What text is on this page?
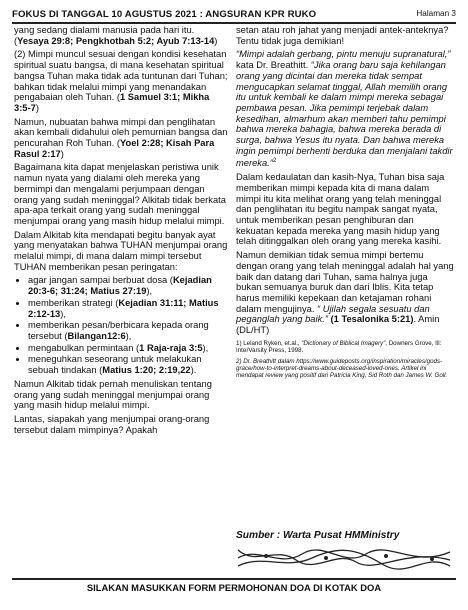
FOKUS DI TANGGAL 10 AGUSTUS 2021 : ANGSURAN KPR RUKO	Halaman 3

yang sedang dialami manusia pada hari itu. (Yesaya 29:8; Pengkhotbah 5:2; Ayub 7:13-14)

(2) Mimpi muncul sesuai dengan kondisi kesehatan spiritual suatu bangsa, di mana kesehatan spiritual bangsa Tuhan maka tidak ada tuntunan dari Tuhan; bahkan tidak melalui mimpi yang menandakan pengabaian oleh Tuhan. (1 Samuel 3:1; Mikha 3:5-7)

Namun, nubuatan bahwa mimpi dan penglihatan akan kembali didahului oleh pemurnian bangsa dan pencurahan Roh Tuhan. (Yoel 2:28; Kisah Para Rasul 2:17)

Bagaimana kita dapat menjelaskan peristiwa unik namun nyata yang dialami oleh mereka yang bermimpi dan mengalami perjumpaan dengan orang yang sudah meninggal? Alkitab tidak berkata apa-apa terkait orang yang sudah meninggal menjumpai orang yang masih hidup melalui mimpi.

Dalam Alkitab kita mendapati begitu banyak ayat yang menyatakan bahwa TUHAN menjumpai orang melalui mimpi, di mana dalam mimpi tersebut TUHAN memberikan pesan peringatan:

• agar jangan sampai berbuat dosa (Kejadian 20:3-6; 31:24; Matius 27:19),
• memberikan strategi (Kejadian 31:11; Matius 2:12-13),
• memberikan pesan/berbicara kepada orang tersebut (Bilangan12:6),
• mengabulkan permintaan (1 Raja-raja 3:5),
• meneguhkan seseorang untuk melakukan sebuah tindakan (Matius 1:20; 2:19,22).

Namun Alkitab tidak pernah menuliskan tentang orang yang sudah meninggal menjumpai orang yang masih hidup melalui mimpi.

Lantas, siapakah yang menjumpai orang-orang tersebut dalam mimpinya? Apakah

setan atau roh jahat yang menjadi antek-anteknya? Tentu tidak juga demikian!

“Mimpi adalah gerbang, pintu menuju supranatural,” kata Dr. Breathitt. “Jika orang baru saja kehilangan orang yang dicintai dan mereka tidak sempat mengucapkan selamat tinggal, Allah memilih orang itu untuk kembali ke dalam mimpi mereka sebagai pembawa pesan. Jika pemimpi terjebak dalam kesedihan, almarhum akan memberi tahu pemimpi bahwa mereka bahagia, bahwa mereka berada di surga, bahwa Yesus itu nyata. Dan bahwa mereka ingin pemimpi berhenti berduka dan menjalani takdir mereka.”$^2$

Dalam kedaulatan dan kasih-Nya, Tuhan bisa saja memberikan mimpi kepada kita di mana dalam mimpi itu kita melihat orang yang telah meninggal dan penglihatan itu begitu nampak sangat nyata, untuk memberikan pesan penghiburan dan kekuatan kepada mereka yang masih hidup yang telah ditinggalkan oleh orang yang mereka kasihi.

Namun demikian tidak semua mimpi bertemu dengan orang yang telah meninggal adalah hal yang baik dan datang dari Tuhan, sama halnya juga bukan semuanya buruk dan dari Iblis. Kita tetap harus memiliki kepekaan dan ketajaman rohani dalam mengujinya. “ Ujilah segala sesuatu dan peganglah yang baik.” (1 Tesalonika 5:21). Amin (DL/HT)

1) Leland Ryken, et.al., “Dictionary of Biblical Imagery”, Downers Grove, Ill: InterVarsity Press, 1998.

2) Dr. Breathitt dalam https://www.guideposts.org/inspiration/miracles/gods-grace/how-to-interpret-dreams-about-deceased-loved-ones. Artikel ini mendapat review yang positif dari Patricia King, Sid Roth dan James W. Goll.

Sumber : Warta Pusat HMMinistry
SILAKAN MASUKKAN FORM PERMOHONAN DOA DI KOTAK DOA
